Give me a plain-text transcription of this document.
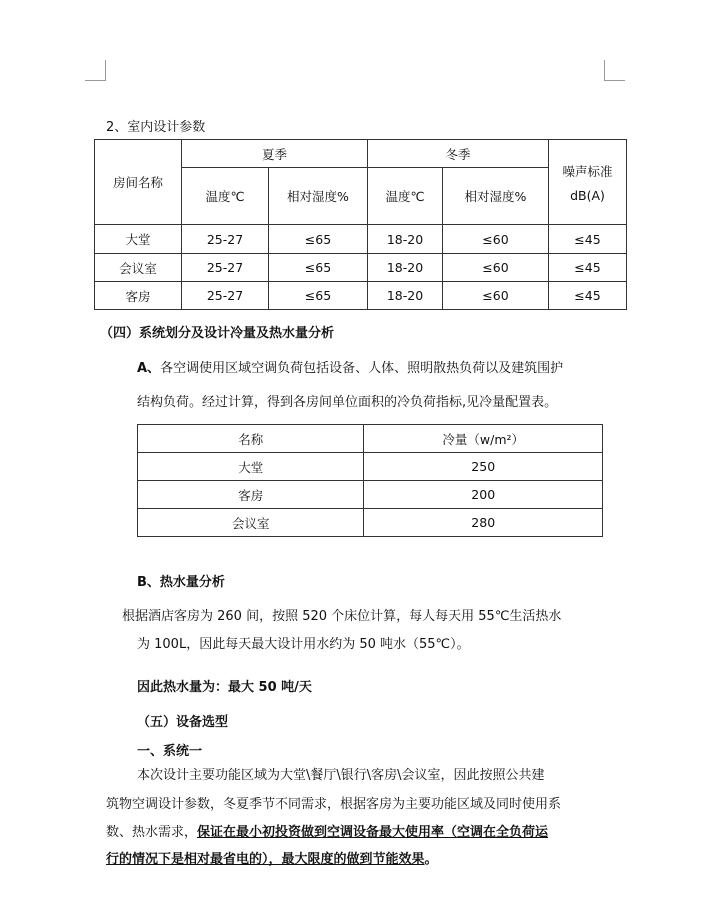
2、室内设计参数
房间名称	夏季		冬季		噪声标准
dB(A)

	温度℃	相对湿度%	温度℃	相对湿度%	
大堂	25-27	≤65	18-20	≤60	≤45
会议室	25-27	≤65	18-20	≤60	≤45
客房	25-27	≤65	18-20	≤60	≤45
（四）系统划分及设计冷量及热水量分析
A、各空调使用区域空调负荷包括设备、人体、照明散热负荷以及建筑围护
结构负荷。经过计算，得到各房间单位面积的冷负荷指标,见冷量配置表。
名称	冷量（w/m²）
大堂	250
客房	200
会议室	280
B、热水量分析
根据酒店客房为 260 间，按照 520 个床位计算，每人每天用 55℃生活热水
为 100L，因此每天最大设计用水约为 50 吨水（55℃）。
因此热水量为：最大 50 吨/天
（五）设备选型
一、系统一
本次设计主要功能区域为大堂\餐厅\银行\客房\会议室，因此按照公共建
筑物空调设计参数，冬夏季节不同需求，根据客房为主要功能区域及同时使用系
数、热水需求，保证在最小初投资做到空调设备最大使用率（空调在全负荷运
行的情况下是相对最省电的），最大限度的做到节能效果。
